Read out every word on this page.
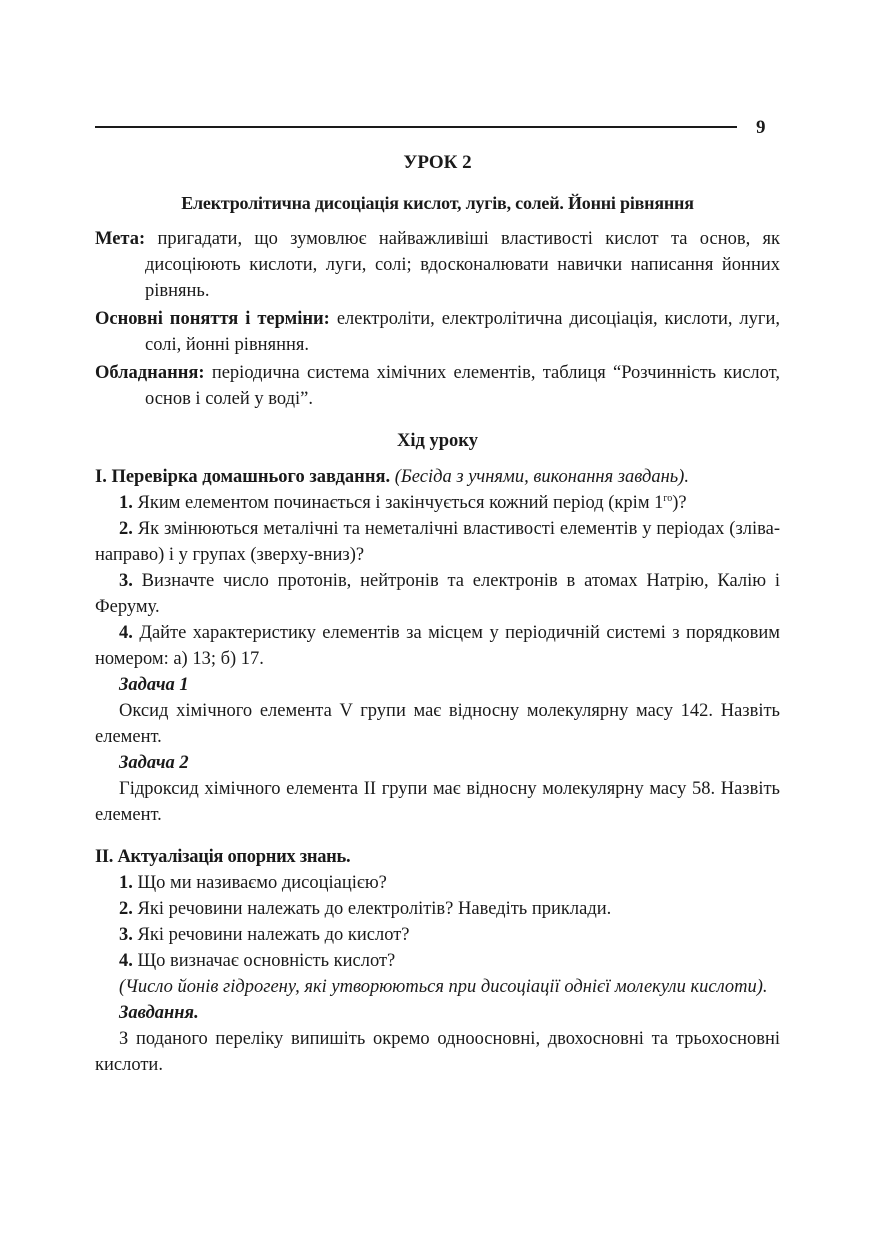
9
УРОК 2
Електролітична дисоціація кислот, лугів, солей. Йонні рівняння

Мета: пригадати, що зумовлює найважливіші властивості кислот та основ, як дисоціюють кислоти, луги, солі; вдосконалювати навички написання йонних рівнянь.

Основні поняття і терміни: електроліти, електролітична дисоціація, кислоти, луги, солі, йонні рівняння.

Обладнання: періодична система хімічних елементів, таблиця “Розчинність кислот, основ і солей у воді”.

Хід уроку

І. Перевірка домашнього завдання. (Бесіда з учнями, виконання завдань).

1. Яким елементом починається і закінчується кожний період (крім $1^{го}$)?

2. Як змінюються металічні та неметалічні властивості елементів у періодах (зліва-направо) і у групах (зверху-вниз)?

3. Визначте число протонів, нейтронів та електронів в атомах Натрію, Калію і Феруму.

4. Дайте характеристику елементів за місцем у періодичній системі з порядковим номером: а) 13; б) 17.

Задача 1

Оксид хімічного елемента V групи має відносну молекулярну масу 142. Назвіть елемент.

Задача 2

Гідроксид хімічного елемента II групи має відносну молекулярну масу 58. Назвіть елемент.

ІІ. Актуалізація опорних знань.

1. Що ми називаємо дисоціацією?

2. Які речовини належать до електролітів? Наведіть приклади.

3. Які речовини належать до кислот?

4. Що визначає основність кислот?

(Число йонів гідрогену, які утворюються при дисоціації однієї молекули кислоти).

Завдання.

З поданого переліку випишіть окремо одноосновні, двохосновні та трьохосновні кислоти.
